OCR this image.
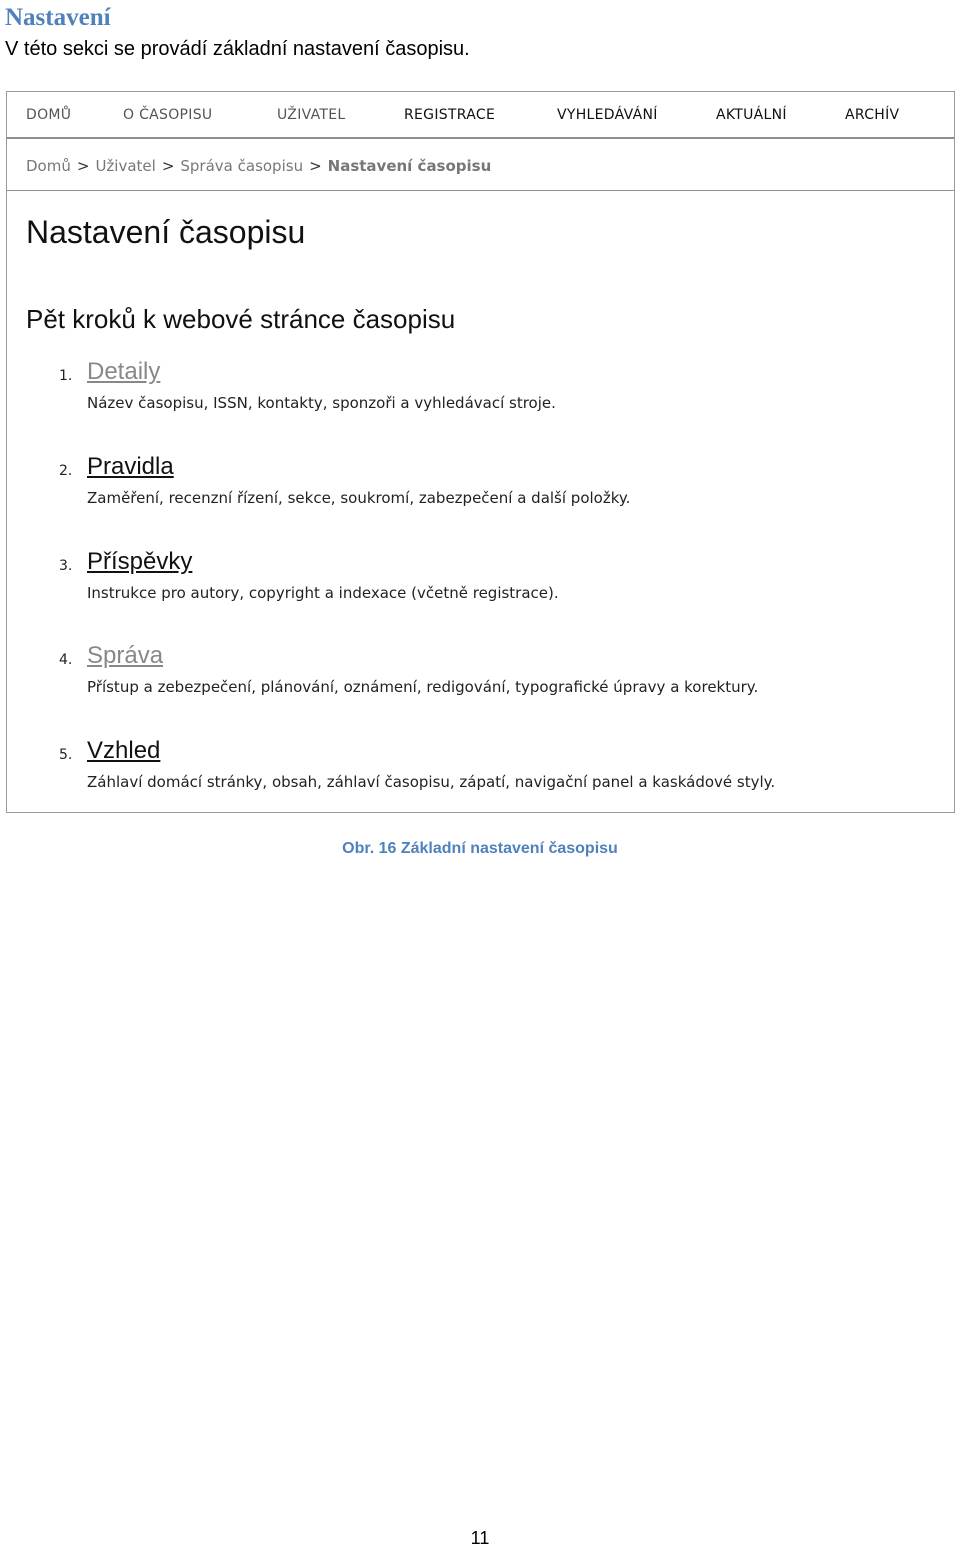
Nastavení

V této sekci se provádí základní nastavení časopisu.

DOMŮ	O ČASOPISU	UŽIVATEL	REGISTRACE	VYHLEDÁVÁNÍ	AKTUÁLNÍ	ARCHÍV
Domů > Uživatel > Správa časopisu > Nastavení časopisu
Nastavení časopisu
Pět kroků k webové stránce časopisu
1. Detaily
Název časopisu, ISSN, kontakty, sponzoři a vyhledávací stroje.
2. Pravidla
Zaměření, recenzní řízení, sekce, soukromí, zabezpečení a další položky.
3. Příspěvky
Instrukce pro autory, copyright a indexace (včetně registrace).
4. Správa
Přístup a zebezpečení, plánování, oznámení, redigování, typografické úpravy a korektury.
5. Vzhled
Záhlaví domácí stránky, obsah, záhlaví časopisu, zápatí, navigační panel a kaskádové styly.
Obr. 16 Základní nastavení časopisu
11
